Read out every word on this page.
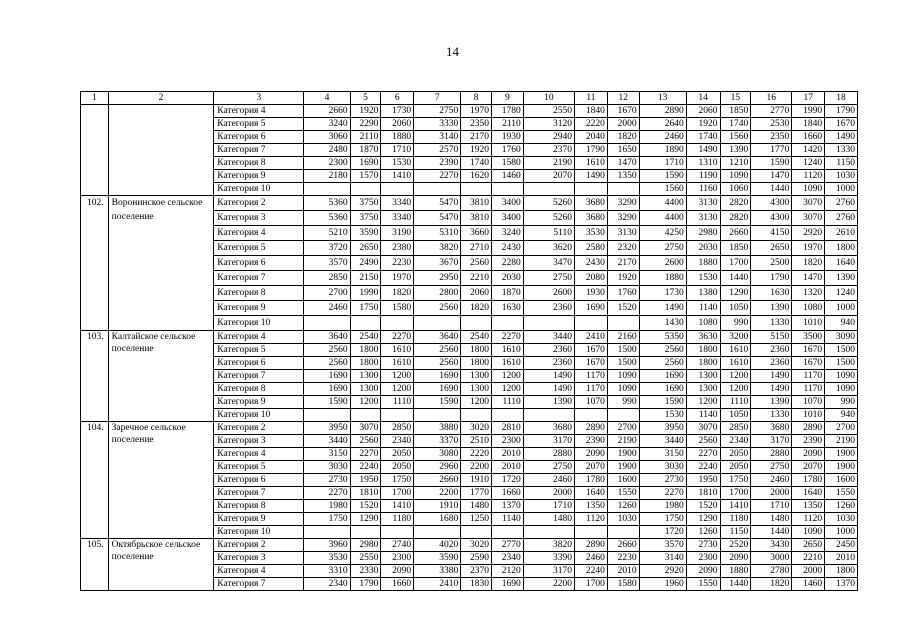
14
1	2	3	4	5	6	7	8	9	10	11	12	13	14	15	16	17	18
		Категория 4	2660	1920	1730	2750	1970	1780	2550	1840	1670	2890	2060	1850	2770	1990	1790
		Категория 5	3240	2290	2060	3330	2350	2110	3120	2220	2000	2640	1920	1740	2530	1840	1670
		Категория 6	3060	2110	1880	3140	2170	1930	2940	2040	1820	2460	1740	1560	2350	1660	1490
		Категория 7	2480	1870	1710	2570	1920	1760	2370	1790	1650	1890	1490	1390	1770	1420	1330
		Категория 8	2300	1690	1530	2390	1740	1580	2190	1610	1470	1710	1310	1210	1590	1240	1150
		Категория 9	2180	1570	1410	2270	1620	1460	2070	1490	1350	1590	1190	1090	1470	1120	1030
		Категория 10										1560	1160	1060	1440	1090	1000
102.	Воронинское сельское поселение	Категория 2	5360	3750	3340	5470	3810	3400	5260	3680	3290	4400	3130	2820	4300	3070	2760
		Категория 3	5360	3750	3340	5470	3810	3400	5260	3680	3290	4400	3130	2820	4300	3070	2760
		Категория 4	5210	3590	3190	5310	3660	3240	5110	3530	3130	4250	2980	2660	4150	2920	2610
		Категория 5	3720	2650	2380	3820	2710	2430	3620	2580	2320	2750	2030	1850	2650	1970	1800
		Категория 6	3570	2490	2230	3670	2560	2280	3470	2430	2170	2600	1880	1700	2500	1820	1640
		Категория 7	2850	2150	1970	2950	2210	2030	2750	2080	1920	1880	1530	1440	1790	1470	1390
		Категория 8	2700	1990	1820	2800	2060	1870	2600	1930	1760	1730	1380	1290	1630	1320	1240
		Категория 9	2460	1750	1580	2560	1820	1630	2360	1690	1520	1490	1140	1050	1390	1080	1000
		Категория 10										1430	1080	990	1330	1010	940
103.	Калтайское сельское поселение	Категория 4	3640	2540	2270	3640	2540	2270	3440	2410	2160	5350	3630	3200	5150	3500	3090
		Категория 5	2560	1800	1610	2560	1800	1610	2360	1670	1500	2560	1800	1610	2360	1670	1500
		Категория 6	2560	1800	1610	2560	1800	1610	2360	1670	1500	2560	1800	1610	2360	1670	1500
		Категория 7	1690	1300	1200	1690	1300	1200	1490	1170	1090	1690	1300	1200	1490	1170	1090
		Категория 8	1690	1300	1200	1690	1300	1200	1490	1170	1090	1690	1300	1200	1490	1170	1090
		Категория 9	1590	1200	1110	1590	1200	1110	1390	1070	990	1590	1200	1110	1390	1070	990
		Категория 10										1530	1140	1050	1330	1010	940
104.	Заречное сельское поселение	Категория 2	3950	3070	2850	3880	3020	2810	3680	2890	2700	3950	3070	2850	3680	2890	2700
		Категория 3	3440	2560	2340	3370	2510	2300	3170	2390	2190	3440	2560	2340	3170	2390	2190
		Категория 4	3150	2270	2050	3080	2220	2010	2880	2090	1900	3150	2270	2050	2880	2090	1900
		Категория 5	3030	2240	2050	2960	2200	2010	2750	2070	1900	3030	2240	2050	2750	2070	1900
		Категория 6	2730	1950	1750	2660	1910	1720	2460	1780	1600	2730	1950	1750	2460	1780	1600
		Категория 7	2270	1810	1700	2200	1770	1660	2000	1640	1550	2270	1810	1700	2000	1640	1550
		Категория 8	1980	1520	1410	1910	1480	1370	1710	1350	1260	1980	1520	1410	1710	1350	1260
		Категория 9	1750	1290	1180	1680	1250	1140	1480	1120	1030	1750	1290	1180	1480	1120	1030
		Категория 10										1720	1260	1150	1440	1090	1000
105.	Октябрьское сельское поселение	Категория 2	3960	2980	2740	4020	3020	2770	3820	2890	2660	3570	2730	2520	3430	2650	2450
		Категория 3	3530	2550	2300	3590	2590	2340	3390	2460	2230	3140	2300	2090	3000	2210	2010
		Категория 4	3310	2330	2090	3380	2370	2120	3170	2240	2010	2920	2090	1880	2780	2000	1800
		Категория 7	2340	1790	1660	2410	1830	1690	2200	1700	1580	1960	1550	1440	1820	1460	1370
